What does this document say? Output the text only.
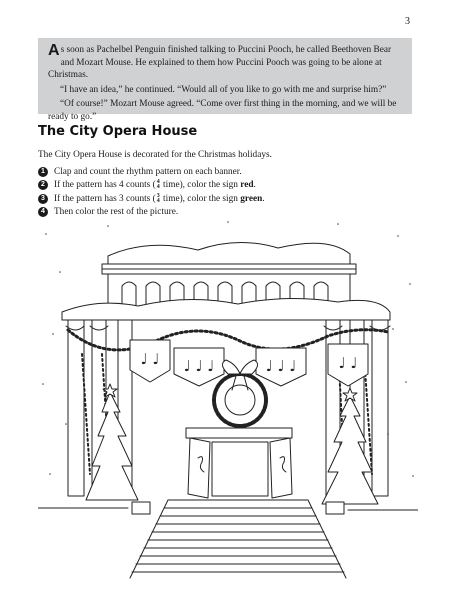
3

As soon as Pachelbel Penguin finished talking to Puccini Pooch, he called Beethoven Bear and Mozart Mouse. He explained to them how Puccini Pooch was going to be alone at Christmas.

“I have an idea,” he continued. “Would all of you like to go with me and surprise him?”

“Of course!” Mozart Mouse agreed. “Come over first thing in the morning, and we will be ready to go.”

The City Opera House

The City Opera House is decorated for the Christmas holidays.

1 Clap and count the rhythm pattern on each banner.
2 If the pattern has 4 counts ( 4
4 time), color the sign red.
3 If the pattern has 3 counts ( 3
4 time), color the sign green.
4 Then color the rest of the picture.
♩ ♩ ♩ ♩ ♩	♩ ♩ ♩	♩ ♩
